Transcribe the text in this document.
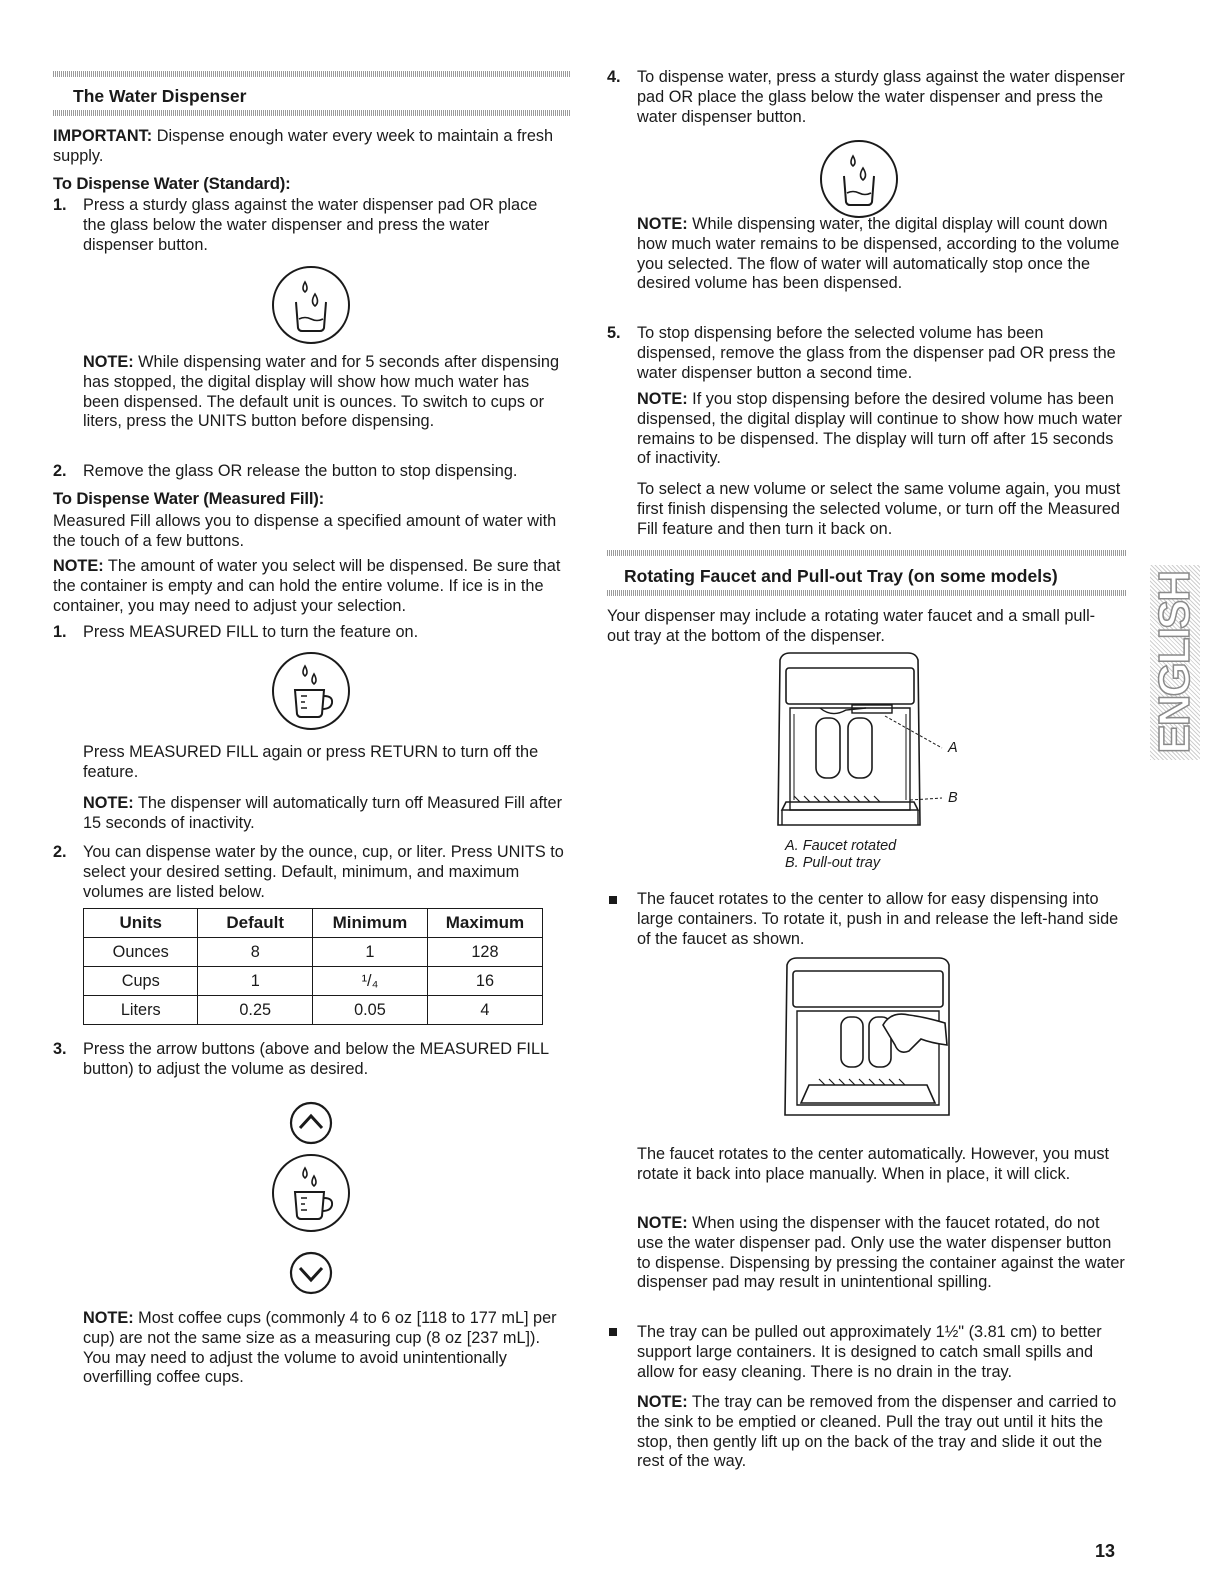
The Water Dispenser

IMPORTANT: Dispense enough water every week to maintain a fresh supply.

To Dispense Water (Standard):
1. Press a sturdy glass against the water dispenser pad OR place the glass below the water dispenser and press the water dispenser button.

NOTE: While dispensing water and for 5 seconds after dispensing has stopped, the digital display will show how much water has been dispensed. The default unit is ounces. To switch to cups or liters, press the UNITS button before dispensing.

2. Remove the glass OR release the button to stop dispensing.

To Dispense Water (Measured Fill):

Measured Fill allows you to dispense a specified amount of water with the touch of a few buttons.

NOTE: The amount of water you select will be dispensed. Be sure that the container is empty and can hold the entire volume. If ice is in the container, you may need to adjust your selection.

1. Press MEASURED FILL to turn the feature on.

Press MEASURED FILL again or press RETURN to turn off the feature.

NOTE: The dispenser will automatically turn off Measured Fill after 15 seconds of inactivity.

2. You can dispense water by the ounce, cup, or liter. Press UNITS to select your desired setting. Default, minimum, and maximum volumes are listed below.

Units	Default	Minimum	Maximum
Ounces	8	1	128
Cups	1	¹/₄	16
Liters	0.25	0.05	4
3. Press the arrow buttons (above and below the MEASURED FILL button) to adjust the volume as desired.

NOTE: Most coffee cups (commonly 4 to 6 oz [118 to 177 mL] per cup) are not the same size as a measuring cup (8 oz [237 mL]). You may need to adjust the volume to avoid unintentionally overfilling coffee cups.

4. To dispense water, press a sturdy glass against the water dispenser pad OR place the glass below the water dispenser and press the water dispenser button.

NOTE: While dispensing water, the digital display will count down how much water remains to be dispensed, according to the volume you selected. The flow of water will automatically stop once the desired volume has been dispensed.

5. To stop dispensing before the selected volume has been dispensed, remove the glass from the dispenser pad OR press the water dispenser button a second time.

NOTE: If you stop dispensing before the desired volume has been dispensed, the digital display will continue to show how much water remains to be dispensed. The display will turn off after 15 seconds of inactivity.

To select a new volume or select the same volume again, you must first finish dispensing the selected volume, or turn off the Measured Fill feature and then turn it back on.

Rotating Faucet and Pull-out Tray (on some models)

Your dispenser may include a rotating water faucet and a small pull-out tray at the bottom of the dispenser.

A
B
A. Faucet rotated
B. Pull-out tray

The faucet rotates to the center to allow for easy dispensing into large containers. To rotate it, push in and release the left-hand side of the faucet as shown.

The faucet rotates to the center automatically. However, you must rotate it back into place manually. When in place, it will click.

NOTE: When using the dispenser with the faucet rotated, do not use the water dispenser pad. Only use the water dispenser button to dispense. Dispensing by pressing the container against the water dispenser pad may result in unintentional spilling.

The tray can be pulled out approximately 1½" (3.81 cm) to better support large containers. It is designed to catch small spills and allow for easy cleaning. There is no drain in the tray.

NOTE: The tray can be removed from the dispenser and carried to the sink to be emptied or cleaned. Pull the tray out until it hits the stop, then gently lift up on the back of the tray and slide it out the rest of the way.

ENGLISH
13
